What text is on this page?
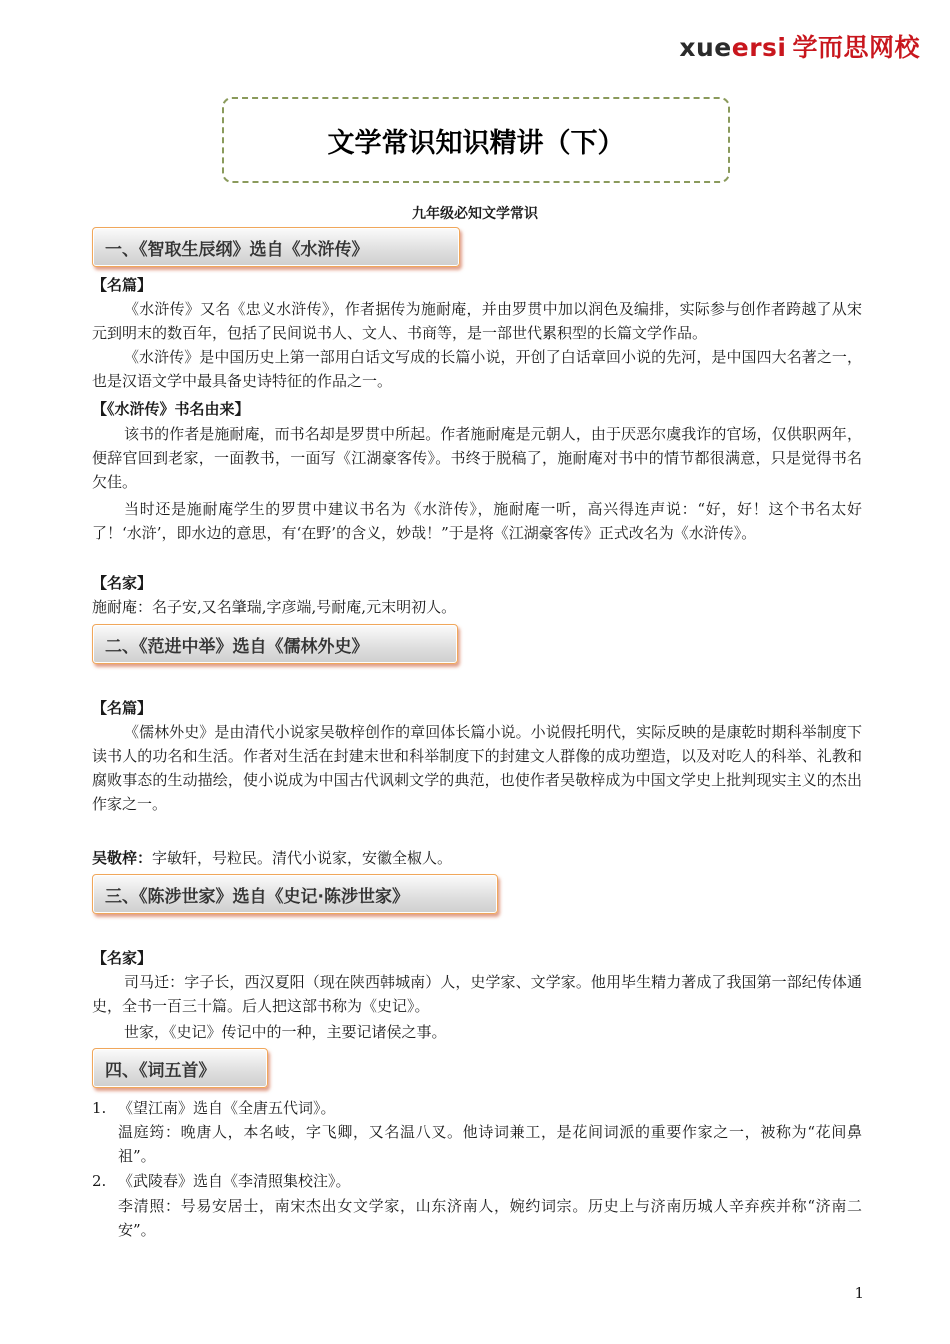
xueersi 学而思网校
文学常识知识精讲（下）
九年级必知文学常识
一、《智取生辰纲》选自《水浒传》
【名篇】
《水浒传》又名《忠义水浒传》，作者据传为施耐庵，并由罗贯中加以润色及编排，实际参与创作者跨越了从宋元到明末的数百年，包括了民间说书人、文人、书商等，是一部世代累积型的长篇文学作品。
《水浒传》是中国历史上第一部用白话文写成的长篇小说，开创了白话章回小说的先河，是中国四大名著之一，也是汉语文学中最具备史诗特征的作品之一。
【《水浒传》书名由来】
该书的作者是施耐庵，而书名却是罗贯中所起。作者施耐庵是元朝人，由于厌恶尔虞我诈的官场，仅供职两年，便辞官回到老家，一面教书，一面写《江湖豪客传》。书终于脱稿了，施耐庵对书中的情节都很满意，只是觉得书名欠佳。
当时还是施耐庵学生的罗贯中建议书名为《水浒传》，施耐庵一听，高兴得连声说：“好，好！这个书名太好了！‘水浒’，即水边的意思，有‘在野’的含义，妙哉！”于是将《江湖豪客传》正式改名为《水浒传》。
【名家】
施耐庵：名子安,又名肇瑞,字彦端,号耐庵,元末明初人。
二、《范进中举》选自《儒林外史》
【名篇】
《儒林外史》是由清代小说家吴敬梓创作的章回体长篇小说。小说假托明代，实际反映的是康乾时期科举制度下读书人的功名和生活。作者对生活在封建末世和科举制度下的封建文人群像的成功塑造，以及对吃人的科举、礼教和腐败事态的生动描绘，使小说成为中国古代讽刺文学的典范，也使作者吴敬梓成为中国文学史上批判现实主义的杰出作家之一。
吴敬梓：字敏轩，号粒民。清代小说家，安徽全椒人。
三、《陈涉世家》选自《史记·陈涉世家》
【名家】
司马迁：字子长，西汉夏阳（现在陕西韩城南）人，史学家、文学家。他用毕生精力著成了我国第一部纪传体通史，全书一百三十篇。后人把这部书称为《史记》。
世家，《史记》传记中的一种，主要记诸侯之事。
四、《词五首》
1. 《望江南》选自《全唐五代词》。
温庭筠：晚唐人，本名岐，字飞卿，又名温八叉。他诗词兼工，是花间词派的重要作家之一，被称为“花间鼻祖”。
2. 《武陵春》选自《李清照集校注》。
李清照：号易安居士，南宋杰出女文学家，山东济南人，婉约词宗。历史上与济南历城人辛弃疾并称“济南二安”。
1
